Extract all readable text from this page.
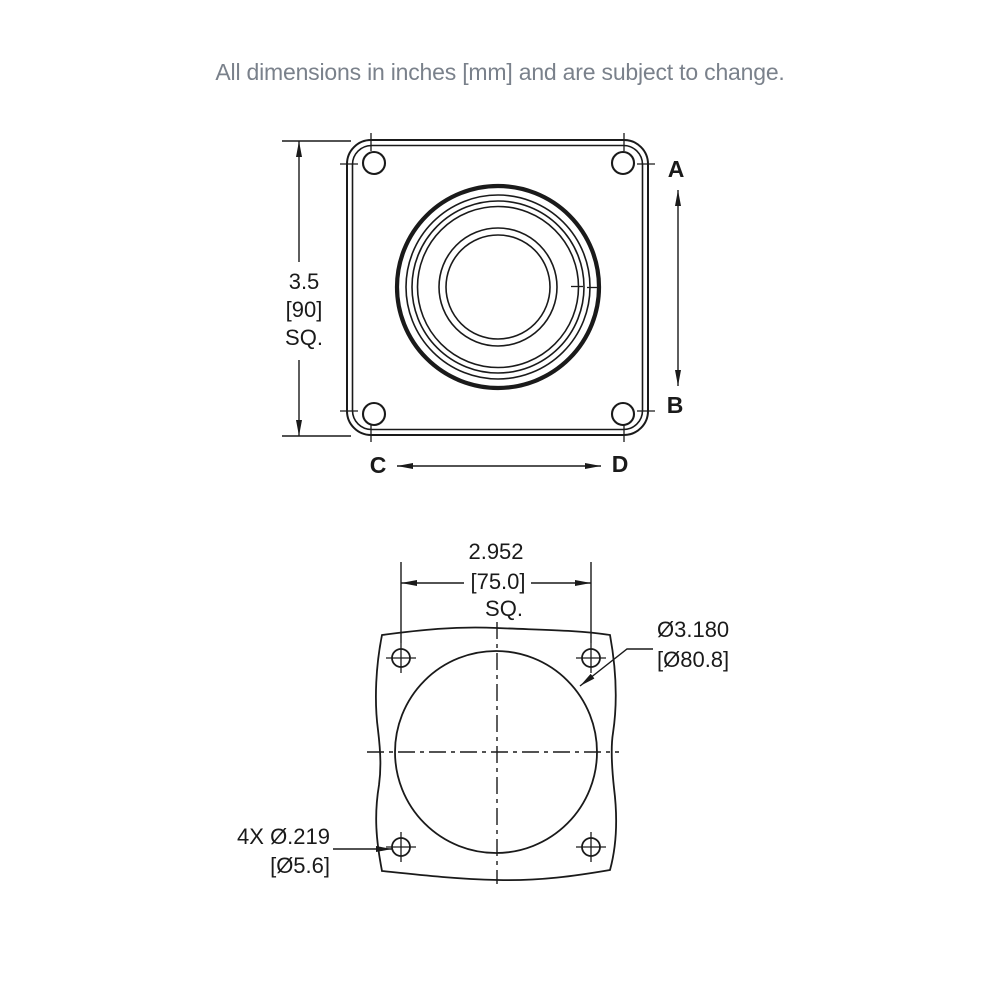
All dimensions in inches [mm] and are subject to change.
3.5
[90]
SQ.
A
B
C	D
2.952
[75.0]
SQ.
Ø3.180
[Ø80.8]
4X Ø.219
[Ø5.6]
